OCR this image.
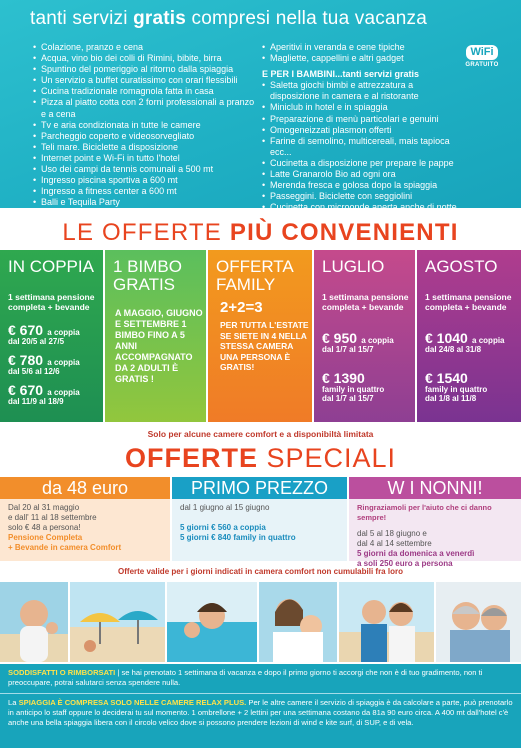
tanti servizi gratis compresi nella tua vacanza
WiFi
GRATUITO
• Colazione, pranzo e cena
• Acqua, vino bio dei colli di Rimini, bibite, birra
• Spuntino del pomeriggio al ritorno dalla spiaggia
• Un servizio a buffet curatissimo con orari flessibili
• Cucina tradizionale romagnola fatta in casa
• Pizza al piatto cotta con 2 forni professionali a pranzo e a cena
• Tv e aria condizionata in tutte le camere
• Parcheggio coperto e videosorvegliato
• Teli mare. Biciclette a disposizione
• Internet point e Wi-Fi in tutto l'hotel
• Uso dei campi da tennis comunali a 500 mt
• Ingresso piscina sportiva a 600 mt
• Ingresso a fitness center a 600 mt
• Balli e Tequila Party
• Aperitivi in veranda e cene tipiche
• Magliette, cappellini e altri gadget
E PER I BAMBINI...tanti servizi gratis
• Saletta giochi bimbi e attrezzatura a disposizione in camera e al ristorante
• Miniclub in hotel e in spiaggia
• Preparazione di menù particolari e genuini
• Omogeneizzati plasmon offerti
• Farine di semolino, multicereali, mais tapioca ecc...
• Cucinetta a disposizione per prepare le pappe
• Latte Granarolo Bio ad ogni ora
• Merenda fresca e golosa dopo la spiaggia
• Passeggini. Biciclette con seggiolini
• Cucinetta con microonde aperta anche di notte
LE OFFERTE PIÙ CONVENIENTI
IN COPPIA
1 settimana pensione completa + bevande
€ 670 a coppia
dal 20/5 al 27/5
€ 780 a coppia
dal 5/6 al 12/6
€ 670 a coppia
dal 11/9 al 18/9
1 BIMBO
GRATIS
A MAGGIO, GIUGNO E SETTEMBRE 1 BIMBO FINO A 5 ANNI ACCOMPAGNATO DA 2 ADULTI È GRATIS !
OFFERTA
FAMILY
2+2=3
PER TUTTA L'ESTATE SE SIETE IN 4 NELLA STESSA CAMERA UNA PERSONA È GRATIS!
LUGLIO
1 settimana pensione completa + bevande
€ 950 a coppia
dal 1/7 al 15/7
€ 1390
family in quattro
dal 1/7 al 15/7
AGOSTO
1 settimana pensione completa + bevande
€ 1040 a coppia
dal 24/8 al 31/8
€ 1540
family in quattro
dal 1/8 al 11/8
Solo per alcune camere comfort e a disponibiltà limitata
OFFERTE SPECIALI
da 48 euro
Dal 20 al 31 maggio
e dall' 11 al 18 settembre
solo € 48 a persona!
Pensione Completa
+ Bevande in camera Comfort
PRIMO PREZZO
dal 1 giugno al 15 giugno
5 giorni € 560 a coppia
5 giorni € 840 family in quattro
W I NONNI!
Ringraziamoli per l'aiuto che ci danno sempre!
dal 5 al 18 giugno e
dal 4 al 14 settembre
5 giorni da domenica a venerdì
a soli 250 euro a persona
Offerte valide per i giorni indicati in camera comfort non cumulabili fra loro
SODDISFATTI O RIMBORSATI | se hai prenotato 1 settimana di vacanza e dopo il primo giorno ti accorgi che non è di tuo gradimento, non ti preoccupare, potrai salutarci senza spendere nulla.
La SPIAGGIA È COMPRESA SOLO NELLE CAMERE RELAX PLUS. Per le altre camere il servizio di spiaggia è da calcolare a parte, può prenotarlo in anticipo lo staff oppure lo deciderai tu sul momento. 1 ombrellone + 2 lettini per una settimana costano da 81a 90 euro circa. A 400 mt dall'hotel c'è anche una bella spiaggia libera con il circolo velico dove si possono prendere lezioni di wind e kite surf, di SUP, e di vela.
